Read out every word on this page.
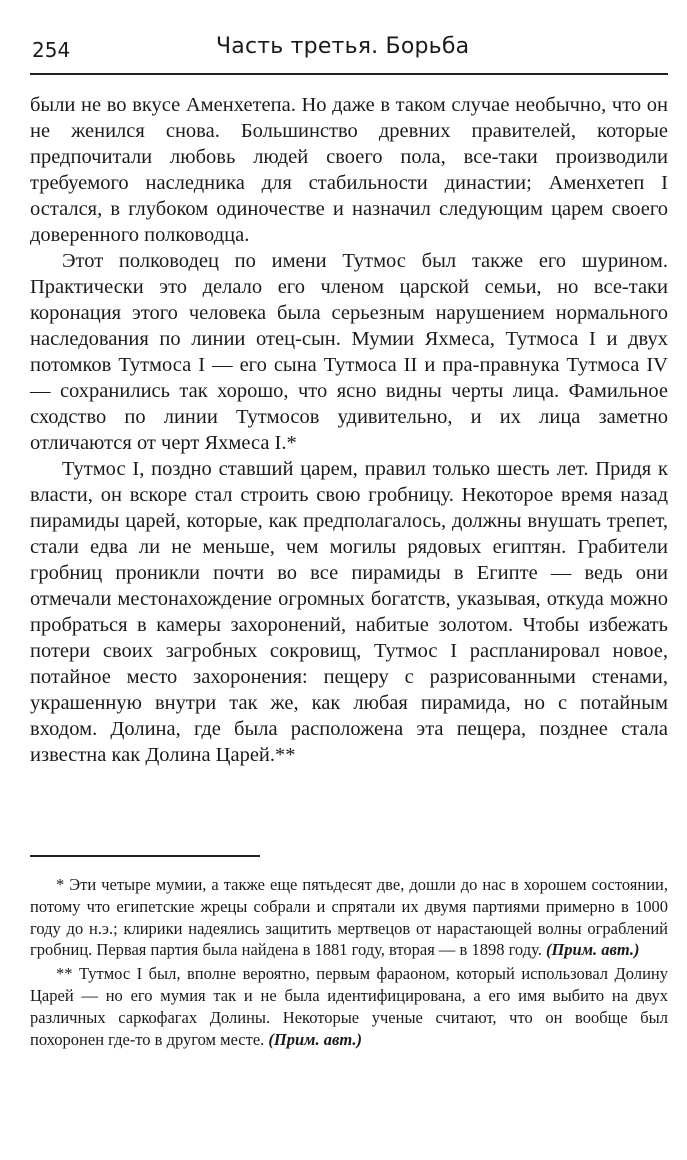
254	Часть третья. Борьба

были не во вкусе Аменхетепа. Но даже в таком случае необычно, что он не женился снова. Большинство древних правителей, которые предпочитали любовь людей своего пола, все-таки производили требуемого наследника для стабильности династии; Аменхетеп I остался, в глубоком одиночестве и назначил следующим царем своего доверенного полководца.

Этот полководец по имени Тутмос был также его шурином. Практически это делало его членом царской семьи, но все-таки коронация этого человека была серьезным нарушением нормального наследования по линии отец-сын. Мумии Яхмеса, Тутмоса I и двух потомков Тутмоса I — его сына Тутмоса II и пра-правнука Тутмоса IV — сохранились так хорошо, что ясно видны черты лица. Фамильное сходство по линии Тутмосов удивительно, и их лица заметно отличаются от черт Яхмеса I.*

Тутмос I, поздно ставший царем, правил только шесть лет. Придя к власти, он вскоре стал строить свою гробницу. Некоторое время назад пирамиды царей, которые, как предполагалось, должны внушать трепет, стали едва ли не меньше, чем могилы рядовых египтян. Грабители гробниц проникли почти во все пирамиды в Египте — ведь они отмечали местонахождение огромных богатств, указывая, откуда можно пробраться в камеры захоронений, набитые золотом. Чтобы избежать потери своих загробных сокровищ, Тутмос I распланировал новое, потайное место захоронения: пещеру с разрисованными стенами, украшенную внутри так же, как любая пирамида, но с потайным входом. Долина, где была расположена эта пещера, позднее стала известна как Долина Царей.**

* Эти четыре мумии, а также еще пятьдесят две, дошли до нас в хорошем состоянии, потому что египетские жрецы собрали и спрятали их двумя партиями примерно в 1000 году до н.э.; клирики надеялись защитить мертвецов от нарастающей волны ограблений гробниц. Первая партия была найдена в 1881 году, вторая — в 1898 году. (Прим. авт.)

** Тутмос I был, вполне вероятно, первым фараоном, который использовал Долину Царей — но его мумия так и не была идентифицирована, а его имя выбито на двух различных саркофагах Долины. Некоторые ученые считают, что он вообще был похоронен где-то в другом месте. (Прим. авт.)
